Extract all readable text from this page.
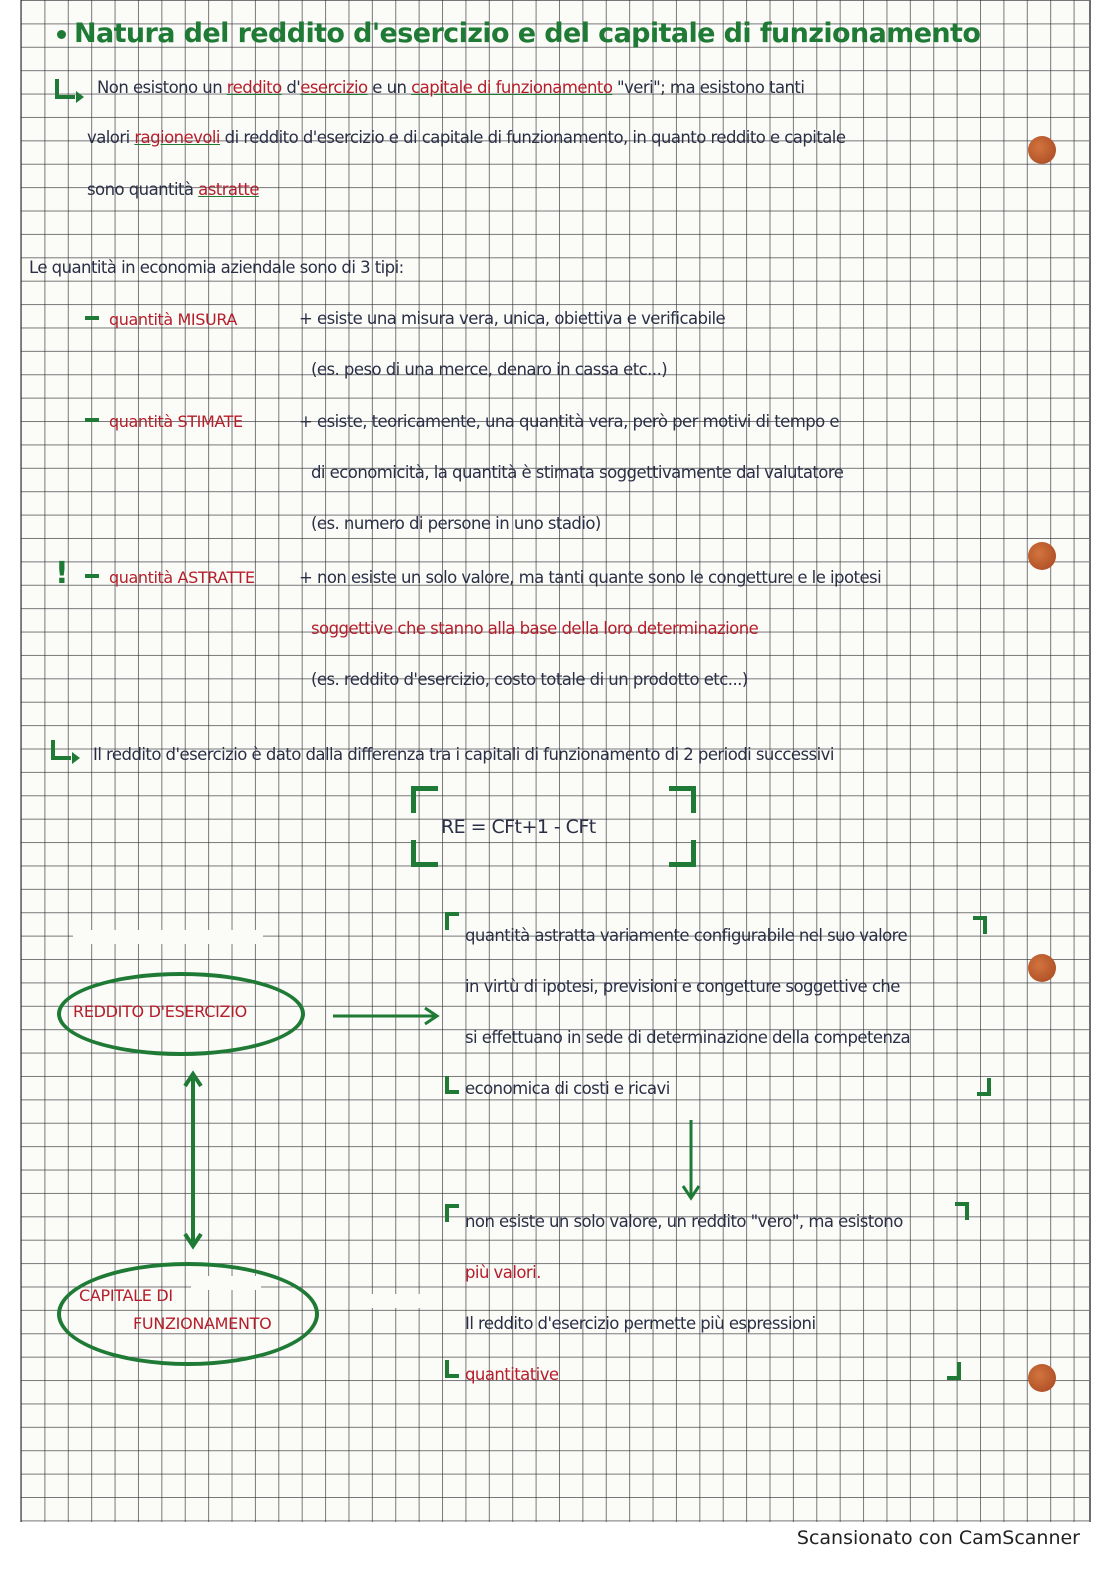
Natura del reddito d'esercizio e del capitale di funzionamento
Non esistono un reddito d'esercizio e un capitale di funzionamento "veri"; ma esistono tanti
valori ragionevoli di reddito d'esercizio e di capitale di funzionamento, in quanto reddito e capitale
sono quantità astratte
Le quantità in economia aziendale sono di 3 tipi:
quantità MISURA	+ esiste una misura vera, unica, obiettiva e verificabile
(es. peso di una merce, denaro in cassa etc...)
quantità STIMATE	+ esiste, teoricamente, una quantità vera, però per motivi di tempo e
di economicità, la quantità è stimata soggettivamente dal valutatore
(es. numero di persone in uno stadio)
!	quantità ASTRATTE	+ non esiste un solo valore, ma tanti quante sono le congetture e le ipotesi
soggettive che stanno alla base della loro determinazione
(es. reddito d'esercizio, costo totale di un prodotto etc...)
Il reddito d'esercizio è dato dalla differenza tra i capitali di funzionamento di 2 periodi successivi
RE = CFt+1 - CFt
REDDITO D'ESERCIZIO
CAPITALE DI
FUNZIONAMENTO
quantità astratta variamente configurabile nel suo valore
in virtù di ipotesi, previsioni e congetture soggettive che
si effettuano in sede di determinazione della competenza
economica di costi e ricavi
non esiste un solo valore, un reddito "vero", ma esistono
più valori.
Il reddito d'esercizio permette più espressioni
quantitative
Scansionato con CamScanner
